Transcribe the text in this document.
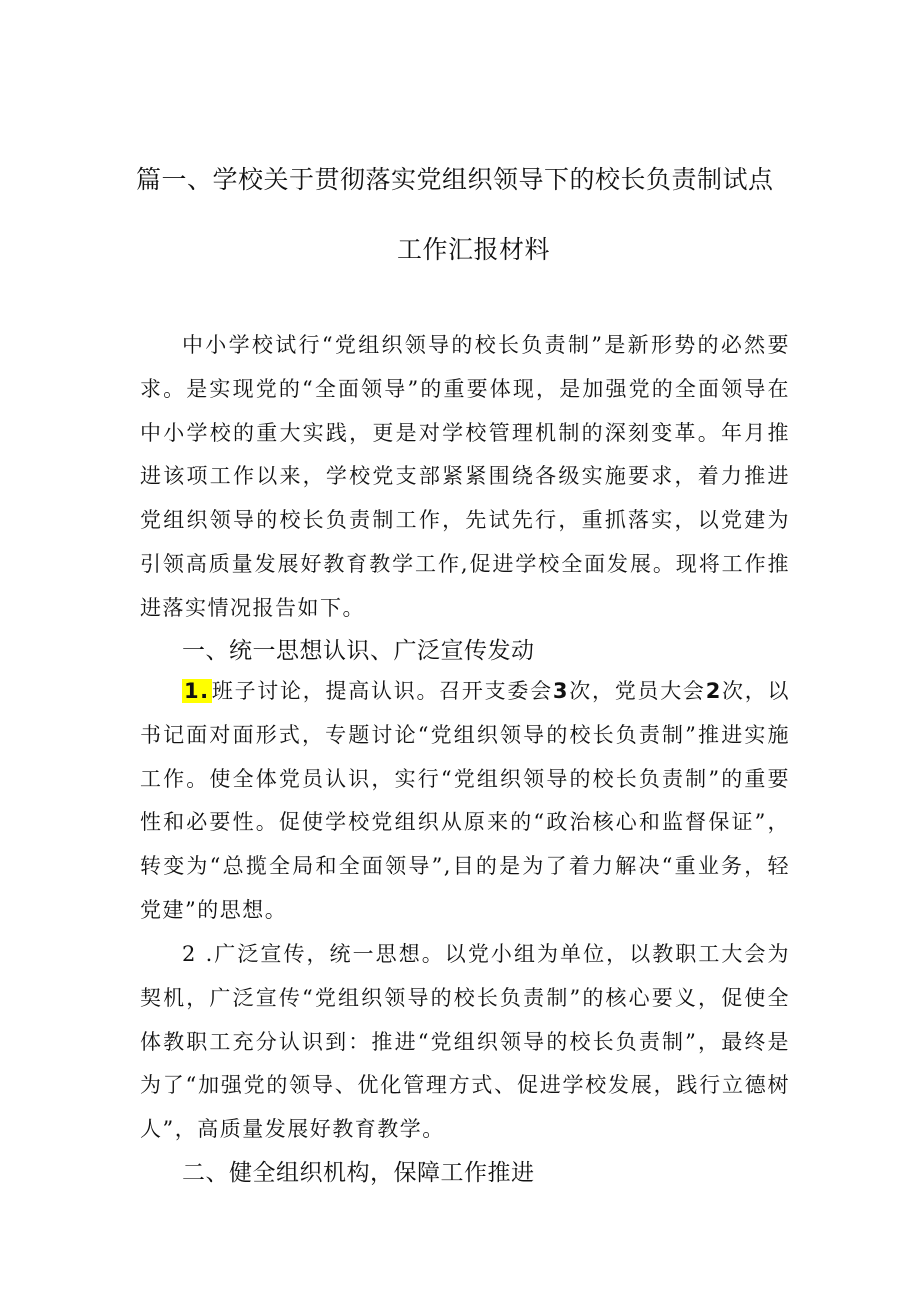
篇一、学校关于贯彻落实党组织领导下的校长负责制试点
工作汇报材料

中小学校试行“党组织领导的校长负责制”是新形势的必然要求。是实现党的“全面领导”的重要体现，是加强党的全面领导在中小学校的重大实践，更是对学校管理机制的深刻变革。年月推进该项工作以来，学校党支部紧紧围绕各级实施要求，着力推进党组织领导的校长负责制工作，先试先行，重抓落实，以党建为引领高质量发展好教育教学工作,促进学校全面发展。现将工作推进落实情况报告如下。

一、统一思想认识、广泛宣传发动

1.班子讨论，提高认识。召开支委会3次，党员大会2次，以书记面对面形式，专题讨论“党组织领导的校长负责制”推进实施工作。使全体党员认识，实行“党组织领导的校长负责制”的重要性和必要性。促使学校党组织从原来的“政治核心和监督保证”，转变为“总揽全局和全面领导”,目的是为了着力解决“重业务，轻党建”的思想。

2 .广泛宣传，统一思想。以党小组为单位，以教职工大会为契机，广泛宣传“党组织领导的校长负责制”的核心要义，促使全体教职工充分认识到：推进“党组织领导的校长负责制”，最终是为了“加强党的领导、优化管理方式、促进学校发展，践行立德树人”，高质量发展好教育教学。

二、健全组织机构，保障工作推进
